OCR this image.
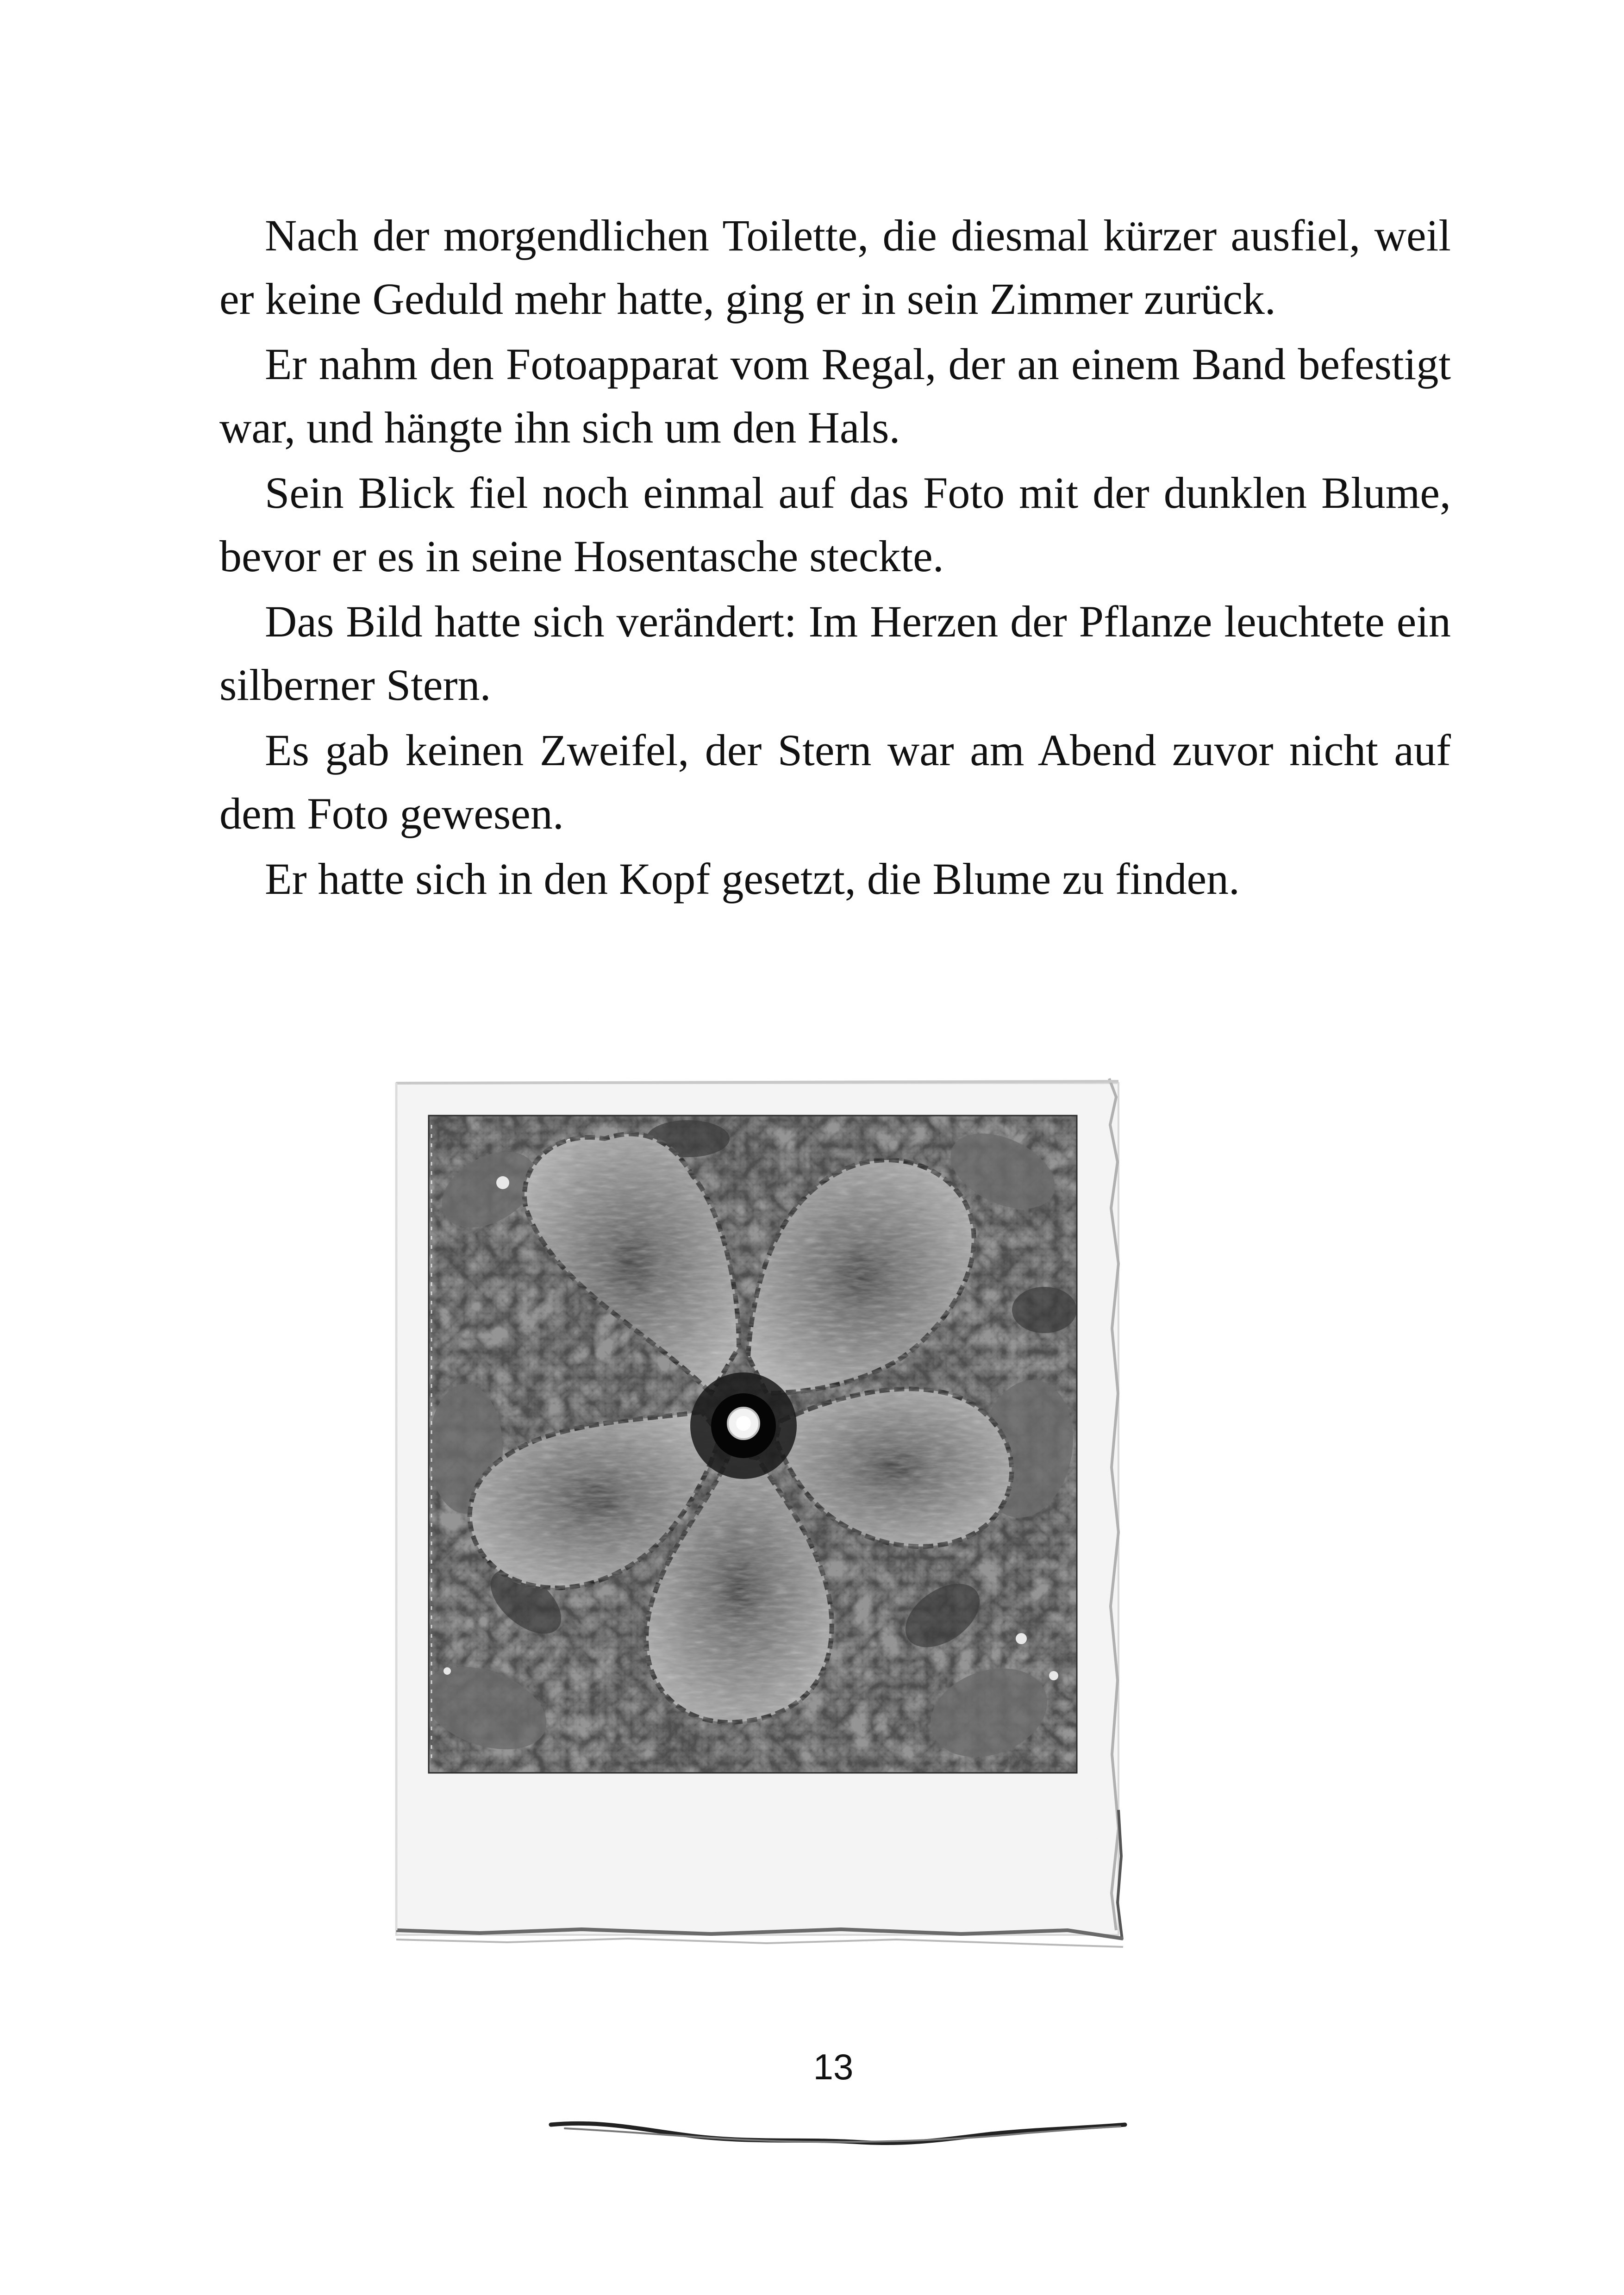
Nach der morgendlichen Toilette, die diesmal kürzer ausfiel, weil er keine Geduld mehr hatte, ging er in sein Zimmer zurück.

Er nahm den Fotoapparat vom Regal, der an einem Band befestigt war, und hängte ihn sich um den Hals.

Sein Blick fiel noch einmal auf das Foto mit der dunklen Blume, bevor er es in seine Hosentasche steckte.

Das Bild hatte sich verändert: Im Herzen der Pflanze leuchtete ein silberner Stern.

Es gab keinen Zweifel, der Stern war am Abend zuvor nicht auf dem Foto gewesen.

Er hatte sich in den Kopf gesetzt, die Blume zu finden.

13
